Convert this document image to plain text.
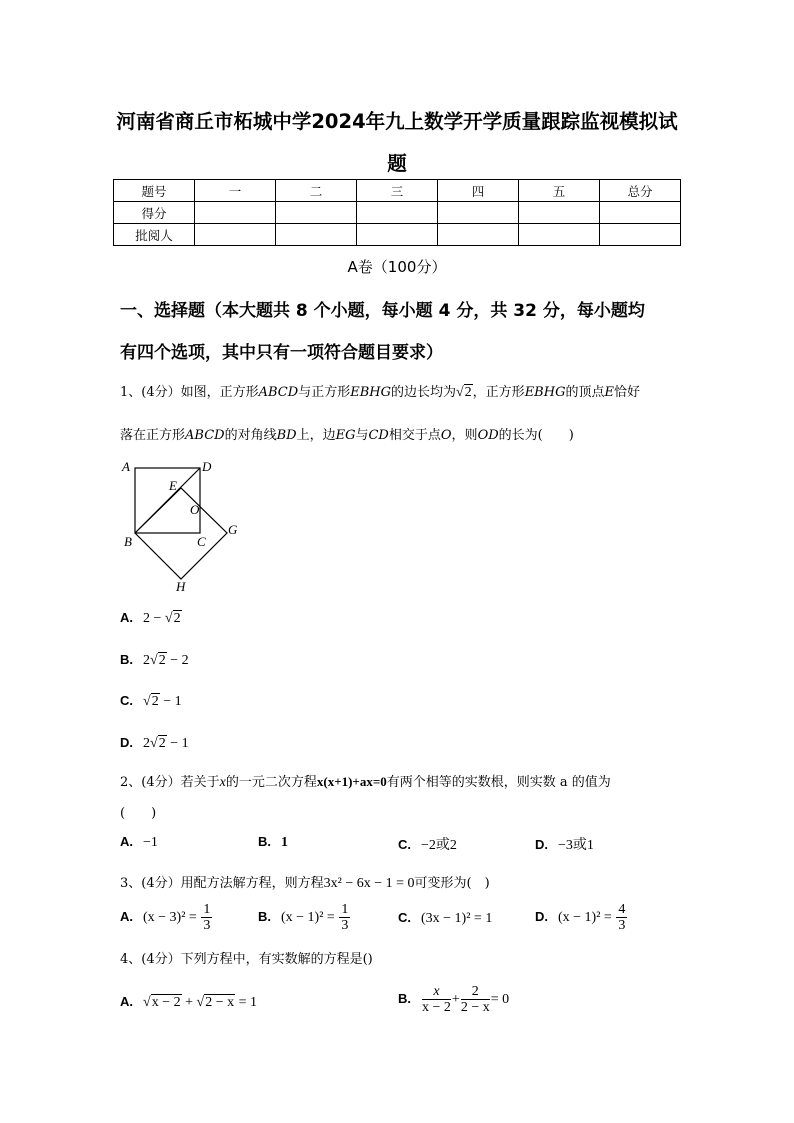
河南省商丘市柘城中学2024年九上数学开学质量跟踪监视模拟试
题
题号	一	二	三	四	五	总分
得分						
批阅人						
A卷（100分）
一、选择题（本大题共 8 个小题，每小题 4 分，共 32 分，每小题均
有四个选项，其中只有一项符合题目要求）
1、(4分）如图，正方形ABCD与正方形EBHG的边长均为√2，正方形EBHG的顶点E恰好
落在正方形ABCD的对角线BD上，边EG与CD相交于点O，则OD的长为(　　)
A	D
E
O
B	C
G
H
A. 2 − √2
B. 2√2 − 2
C. √2 − 1
D. 2√2 − 1
2、(4分）若关于x的一元二次方程x(x+1)+ax=0有两个相等的实数根，则实数 a 的值为
(　　)
A. −1	B. 1	C. −2或2	D. −3或1
3、(4分）用配方法解方程，则方程3x² − 6x − 1 = 0可变形为(　)
A. $(x - 3)^2 = \frac{1}{3}$	B. $(x - 1)^2 = \frac{1}{3}$	C. (3x − 1)² = 1	D. $(x - 1)^2 = \frac{4}{3}$
4、(4分）下列方程中，有实数解的方程是()
A. √x − 2 + √2 − x = 1	B. $\frac{x}{x - 2} + \frac{2}{2 - x} = 0$
